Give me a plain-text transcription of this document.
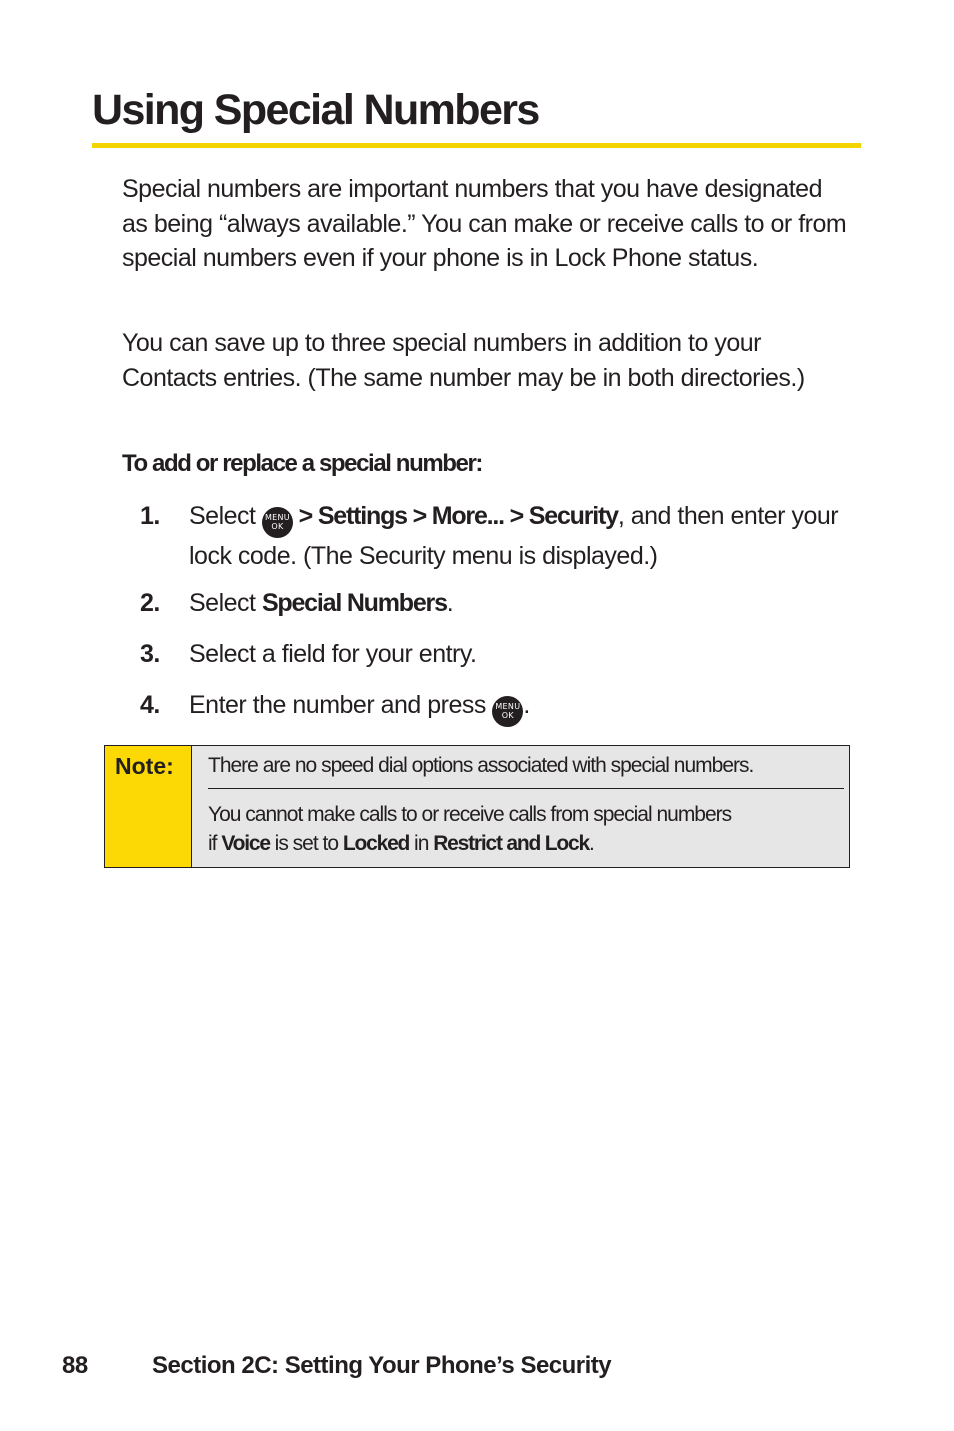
Using Special Numbers

Special numbers are important numbers that you have designated as being “always available.” You can make or receive calls to or from special numbers even if your phone is in Lock Phone status.

You can save up to three special numbers in addition to your Contacts entries. (The same number may be in both directories.)

To add or replace a special number:
1. Select MENU
OK > Settings > More... > Security, and then enter your lock code. (The Security menu is displayed.)
2. Select Special Numbers.
3. Select a field for your entry.
4. Enter the number and press MENU
OK .
Note: There are no speed dial options associated with special numbers.
You cannot make calls to or receive calls from special numbers
if Voice is set to Locked in Restrict and Lock.
88	Section 2C: Setting Your Phone’s Security
